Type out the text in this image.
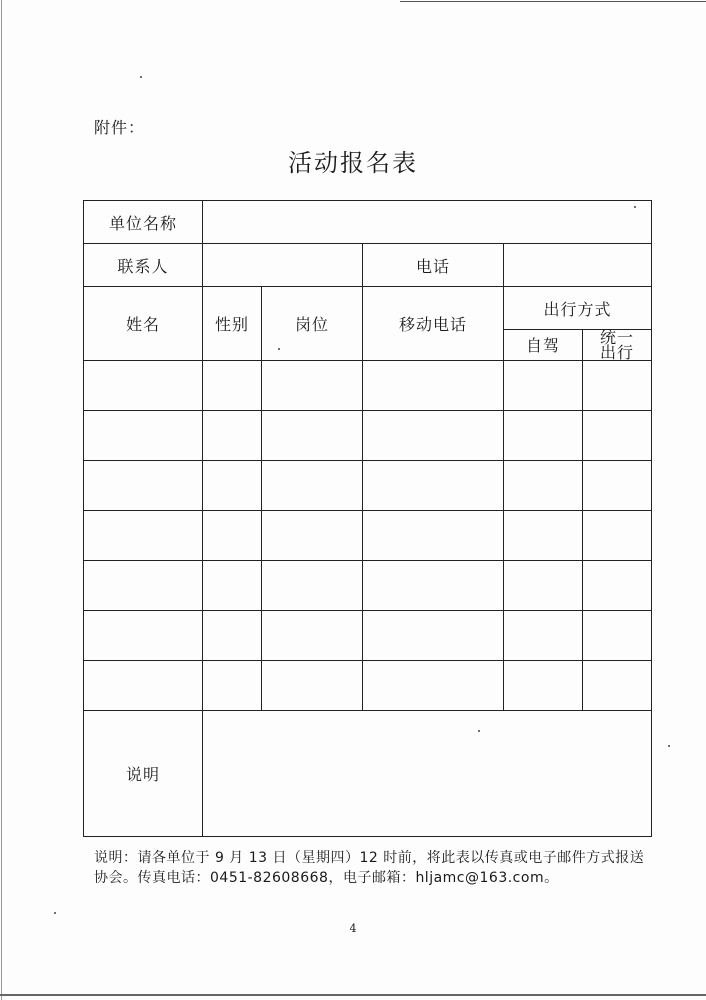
附件：
活动报名表
单位名称					
联系人			电话		
姓名	性别	岗位	移动电话	出行方式	
				自驾	统一出行

说明					
说明：请各单位于 9 月 13 日（星期四）12 时前，将此表以传真或电子邮件方式报送
协会。传真电话：0451-82608668，电子邮箱：hljamc@163.com。
4
